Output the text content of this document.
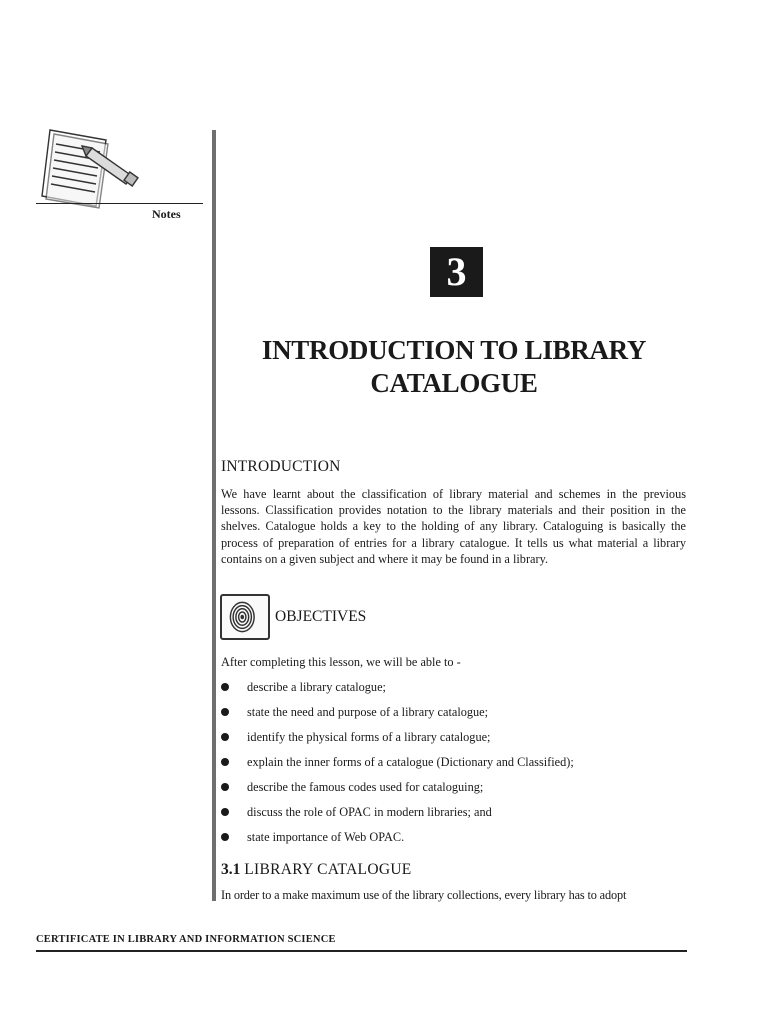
Notes
3
INTRODUCTION TO LIBRARY
CATALOGUE
INTRODUCTION

We have learnt about the classification of library material and schemes in the previous lessons. Classification provides notation to the library materials and their position in the shelves. Catalogue holds a key to the holding of any library. Cataloguing is basically the process of preparation of entries for a library catalogue. It tells us what material a library contains on a given subject and where it may be found in a library.

OBJECTIVES
After completing this lesson, we will be able to -
describe a library catalogue;
state the need and purpose of a library catalogue;
identify the physical forms of a library catalogue;
explain the inner forms of a catalogue (Dictionary and Classified);
describe the famous codes used for cataloguing;
discuss the role of OPAC in modern libraries; and
state importance of Web OPAC.
3.1 LIBRARY CATALOGUE
In order to a make maximum use of the library collections, every library has to adopt
CERTIFICATE IN LIBRARY AND INFORMATION SCIENCE
